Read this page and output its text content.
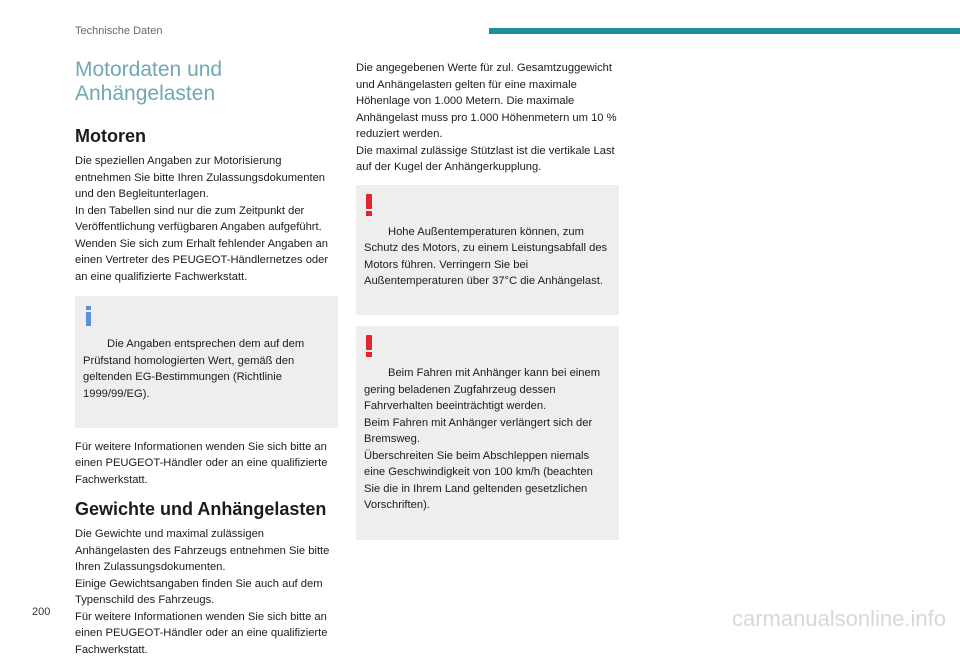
Technische Daten
Motordaten und Anhängelasten
Motoren

Die speziellen Angaben zur Motorisierung entnehmen Sie bitte Ihren Zulassungsdokumenten und den Begleitunterlagen.
In den Tabellen sind nur die zum Zeitpunkt der Veröffentlichung verfügbaren Angaben aufgeführt.
Wenden Sie sich zum Erhalt fehlender Angaben an einen Vertreter des PEUGEOT-Händlernetzes oder an eine qualifizierte Fachwerkstatt.

Die Angaben entsprechen dem auf dem Prüfstand homologierten Wert, gemäß den geltenden EG-Bestimmungen (Richtlinie 1999/99/EG).

Für weitere Informationen wenden Sie sich bitte an einen PEUGEOT-Händler oder an eine qualifizierte Fachwerkstatt.

Gewichte und Anhängelasten

Die Gewichte und maximal zulässigen Anhängelasten des Fahrzeugs entnehmen Sie bitte Ihren Zulassungsdokumenten.
Einige Gewichtsangaben finden Sie auch auf dem Typenschild des Fahrzeugs.
Für weitere Informationen wenden Sie sich bitte an einen PEUGEOT-Händler oder an eine qualifizierte Fachwerkstatt.

Die angegebenen Werte für zul. Gesamtzuggewicht und Anhängelasten gelten für eine maximale Höhenlage von 1.000 Metern. Die maximale Anhängelast muss pro 1.000 Höhenmetern um 10 % reduziert werden.
Die maximal zulässige Stützlast ist die vertikale Last auf der Kugel der Anhängerkupplung.

Hohe Außentemperaturen können, zum Schutz des Motors, zu einem Leistungsabfall des Motors führen. Verringern Sie bei Außentemperaturen über 37°C die Anhängelast.

Beim Fahren mit Anhänger kann bei einem gering beladenen Zugfahrzeug dessen Fahrverhalten beeinträchtigt werden.
Beim Fahren mit Anhänger verlängert sich der Bremsweg.
Überschreiten Sie beim Abschleppen niemals eine Geschwindigkeit von 100 km/h (beachten Sie die in Ihrem Land geltenden gesetzlichen Vorschriften).

200	carmanualsonline.info
